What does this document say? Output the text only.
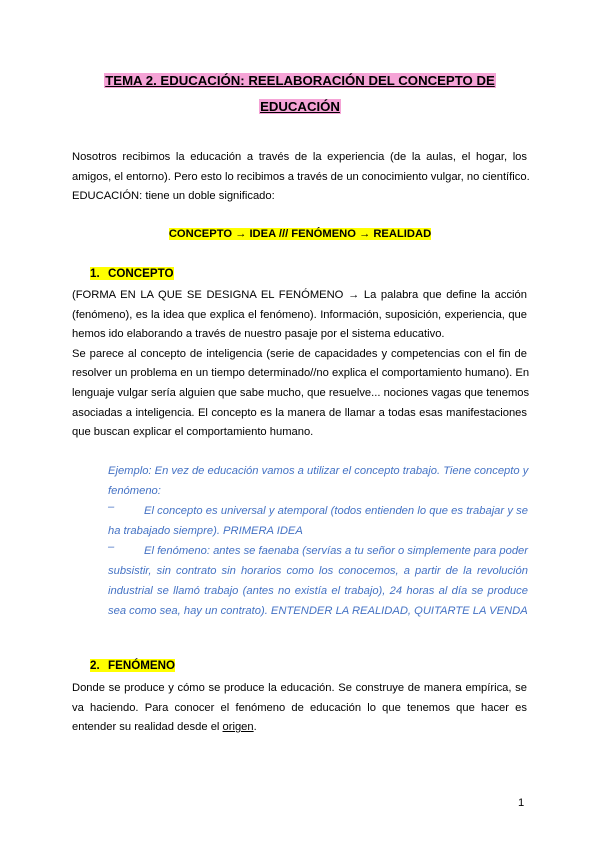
TEMA 2. EDUCACIÓN: REELABORACIÓN DEL CONCEPTO DE
EDUCACIÓN
Nosotros recibimos la educación a través de la experiencia (de la aulas, el hogar, los
amigos, el entorno). Pero esto lo recibimos a través de un conocimiento vulgar, no científico.
EDUCACIÓN: tiene un doble significado:
CONCEPTO → IDEA /// FENÓMENO → REALIDAD
1. CONCEPTO
(FORMA EN LA QUE SE DESIGNA EL FENÓMENO → La palabra que define la acción
(fenómeno), es la idea que explica el fenómeno). Información, suposición, experiencia, que
hemos ido elaborando a través de nuestro pasaje por el sistema educativo.
Se parece al concepto de inteligencia (serie de capacidades y competencias con el fin de
resolver un problema en un tiempo determinado//no explica el comportamiento humano). En
lenguaje vulgar sería alguien que sabe mucho, que resuelve... nociones vagas que tenemos
asociadas a inteligencia. El concepto es la manera de llamar a todas esas manifestaciones
que buscan explicar el comportamiento humano.
Ejemplo: En vez de educación vamos a utilizar el concepto trabajo. Tiene concepto y
fenómeno:
–	El concepto es universal y atemporal (todos entienden lo que es trabajar y se
ha trabajado siempre). PRIMERA IDEA
–	El fenómeno: antes se faenaba (servías a tu señor o simplemente para poder
subsistir, sin contrato sin horarios como los conocemos, a partir de la revolución
industrial se llamó trabajo (antes no existía el trabajo), 24 horas al día se produce
sea como sea, hay un contrato). ENTENDER LA REALIDAD, QUITARTE LA VENDA
2. FENÓMENO
Donde se produce y cómo se produce la educación. Se construye de manera empírica, se
va haciendo. Para conocer el fenómeno de educación lo que tenemos que hacer es
entender su realidad desde el origen.
1
